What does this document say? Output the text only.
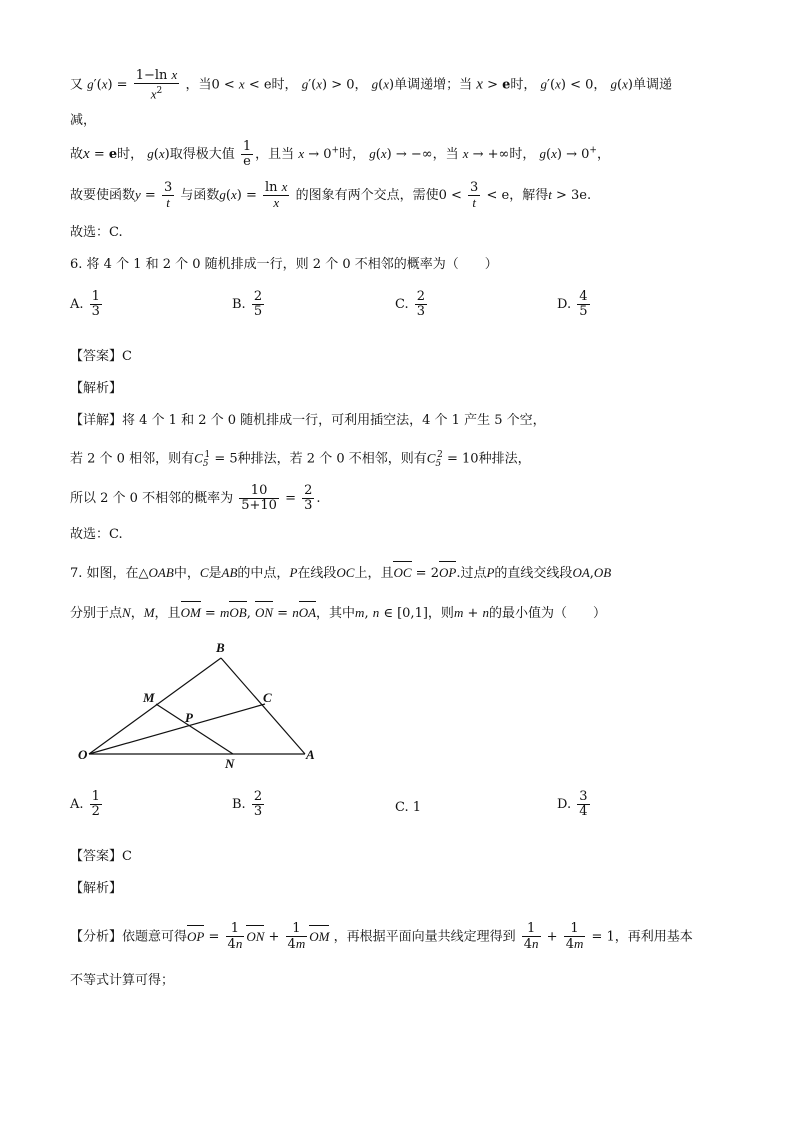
又 $g'(x) = \frac{\text{1−ln x}}{x^2}$ ，当0 < x < e时， g′(x) > 0， g(x)单调递增；当 x > e时， g′(x) < 0， g(x)单调递
减，
故x = e时， g(x)取得极大值 $\frac{1}{e}$ ，且当 x → 0+时， g(x) → −∞，当 x → +∞时， g(x) → 0+，
故要使函数$y = \frac{3}{t}$ 与函数$g(x) = \frac{\text{ln x}}{x}$ 的图象有两个交点，需使$0 < \frac{3}{t} < e$，解得t > 3e.
故选：C.
6. 将 4 个 1 和 2 个 0 随机排成一行，则 2 个 0 不相邻的概率为（　　）
A. $\frac{1}{3}$	B. $\frac{2}{5}$	C. $\frac{2}{3}$	D. $\frac{4}{5}$
【答案】C
【解析】
【详解】将 4 个 1 和 2 个 0 随机排成一行，可利用插空法，4 个 1 产生 5 个空，
若 2 个 0 相邻，则有$C_5^1 = 5$种排法，若 2 个 0 不相邻，则有$C_5^2 = 10$种排法，
所以 2 个 0 不相邻的概率为 $\frac{10}{5+10} = \frac{2}{3}$ .
故选：C.
7. 如图，在△OAB中，C是AB的中点，P在线段OC上，且OC = 2OP.过点P的直线交线段OA,OB
分别于点N，M，且OM = mOB, ON = nOA，其中m, n ∈ [0,1]，则m + n的最小值为（　　）
B
M	C
P
O
N
A
A. $\frac{1}{2}$	B. $\frac{2}{3}$	C. 1	D. $\frac{3}{4}$
【答案】C
【解析】
【分析】依题意可得OP = $\frac{1}{4n}$ ON + $\frac{1}{4m}$ OM ，再根据平面向量共线定理得到 $\frac{1}{4n} + \frac{1}{4m} = 1$，再利用基本
不等式计算可得；
